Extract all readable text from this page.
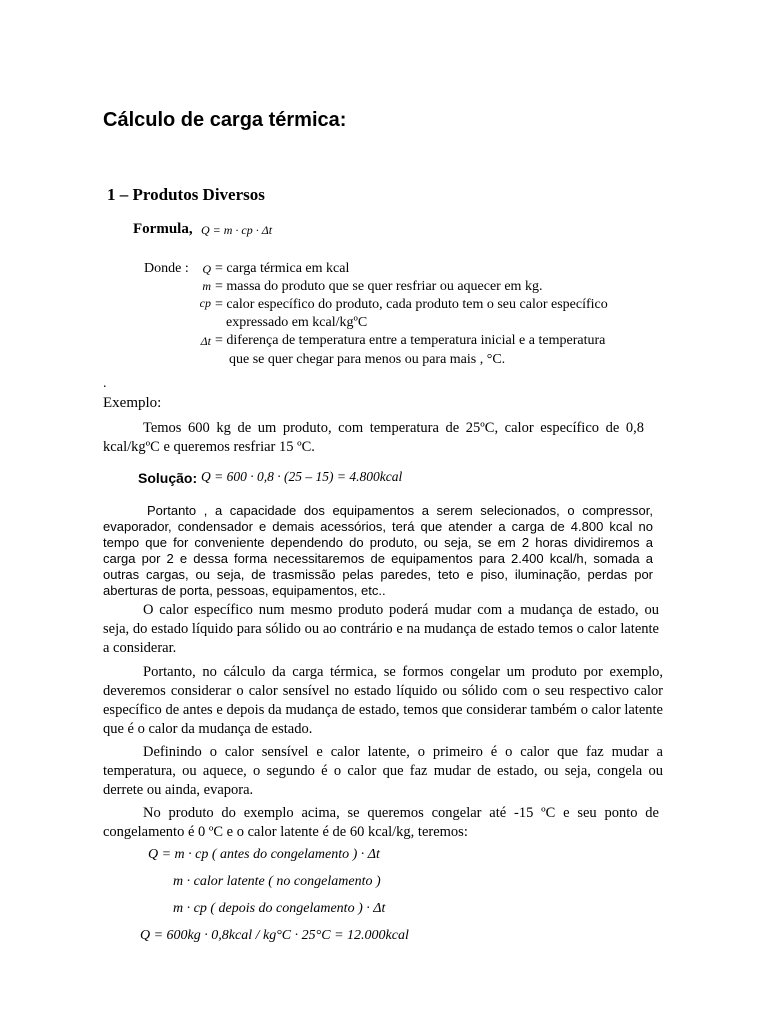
Cálculo de carga térmica:
1 – Produtos Diversos
Formula, Q = m · cp · Δt
Donde :	Q = carga térmica em kcal
m = massa do produto que se quer resfriar ou aquecer em kg.
cp = calor específico do produto, cada produto tem o seu calor específico
expressado em kcal/kgºC
Δt = diferença de temperatura entre a temperatura inicial e a temperatura
que se quer chegar para menos ou para mais , °C.
.
Exemplo:

Temos 600 kg de um produto, com temperatura de 25ºC, calor específico de 0,8 kcal/kgºC e queremos resfriar 15 ºC.

Solução: Q = 600 · 0,8 · (25 – 15) = 4.800kcal

Portanto , a capacidade dos equipamentos a serem selecionados, o compressor, evaporador, condensador e demais acessórios, terá que atender a carga de 4.800 kcal no tempo que for conveniente dependendo do produto, ou seja, se em 2 horas dividiremos a carga por 2 e dessa forma necessitaremos de equipamentos para 2.400 kcal/h, somada a outras cargas, ou seja, de trasmissão pelas paredes, teto e piso, iluminação, perdas por aberturas de porta, pessoas, equipamentos, etc..

O calor específico num mesmo produto poderá mudar com a mudança de estado, ou seja, do estado líquido para sólido ou ao contrário e na mudança de estado temos o calor latente a considerar.

Portanto, no cálculo da carga térmica, se formos congelar um produto por exemplo, deveremos considerar o calor sensível no estado líquido ou sólido com o seu respectivo calor específico de antes e depois da mudança de estado, temos que considerar também o calor latente que é o calor da mudança de estado.

Definindo o calor sensível e calor latente, o primeiro é o calor que faz mudar a temperatura, ou aquece, o segundo é o calor que faz mudar de estado, ou seja, congela ou derrete ou ainda, evapora.

No produto do exemplo acima, se queremos congelar até -15 ºC e seu ponto de congelamento é 0 ºC e o calor latente é de 60 kcal/kg, teremos:

Q = m · cp ( antes do congelamento ) · Δt
m · calor latente ( no congelamento )
m · cp ( depois do congelamento ) · Δt
Q = 600kg · 0,8kcal / kg°C · 25°C = 12.000kcal
